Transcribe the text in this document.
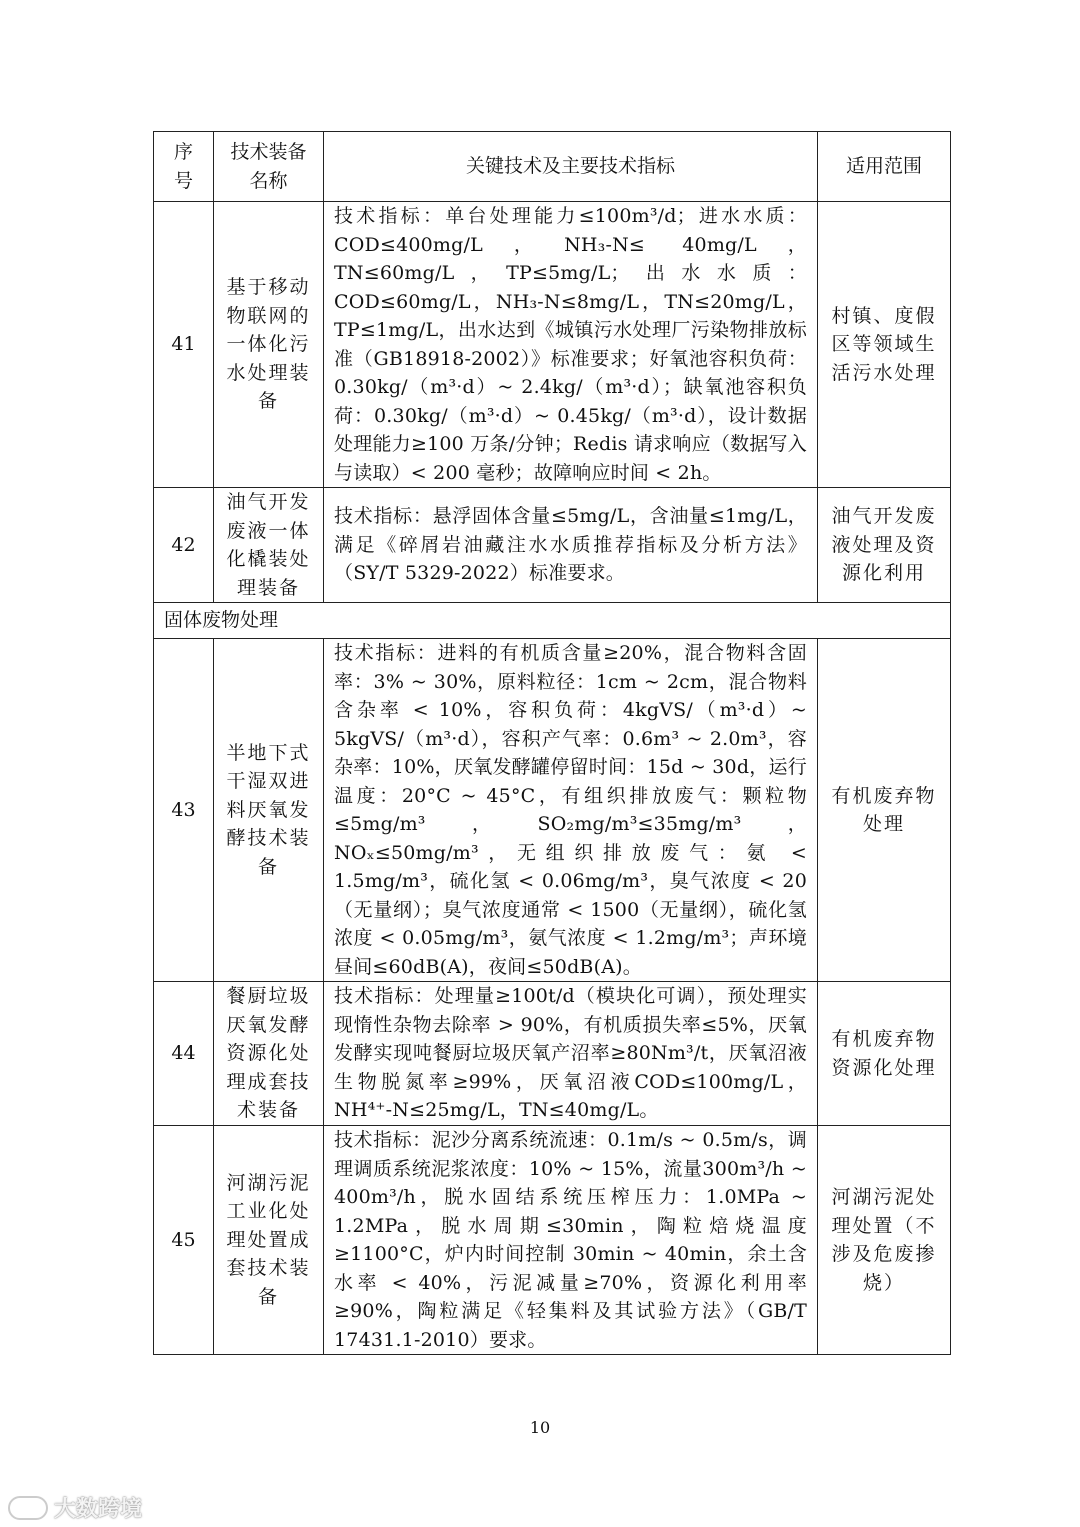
序号	技术装备名称	关键技术及主要技术指标	适用范围
41	基于移动物联网的一体化污水处理装备	技术指标：单台处理能力≤100m³/d；进水水质：COD≤400mg/L，NH₃-N≤ 40mg/L，TN≤60mg/L，TP≤5mg/L；出水水质：COD≤60mg/L，NH₃-N≤8mg/L，TN≤20mg/L，TP≤1mg/L，出水达到《城镇污水处理厂污染物排放标准（GB18918-2002）》标准要求；好氧池容积负荷：0.30kg/（m³·d）~ 2.4kg/（m³·d）；缺氧池容积负荷：0.30kg/（m³·d）~ 0.45kg/（m³·d），设计数据处理能力≥100 万条/分钟；Redis 请求响应（数据写入与读取）< 200 毫秒；故障响应时间 < 2h。	村镇、度假区等领域生活污水处理
42	油气开发废液一体化橇装处理装备	技术指标：悬浮固体含量≤5mg/L，含油量≤1mg/L，满足《碎屑岩油藏注水水质推荐指标及分析方法》（SY/T 5329-2022）标准要求。	油气开发废液处理及资源化利用
固体废物处理			
43	半地下式干湿双进料厌氧发酵技术装备	技术指标：进料的有机质含量≥20%，混合物料含固率：3% ~ 30%，原料粒径：1cm ~ 2cm，混合物料含杂率 < 10%，容积负荷：4kgVS/（m³·d）~ 5kgVS/（m³·d），容积产气率：0.6m³ ~ 2.0m³，容杂率：10%，厌氧发酵罐停留时间：15d ~ 30d，运行温度：20°C ~ 45°C，有组织排放废气：颗粒物≤5mg/m³，SO₂mg/m³≤35mg/m³，NOₓ≤50mg/m³，无组织排放废气：氨 < 1.5mg/m³，硫化氢 < 0.06mg/m³，臭气浓度 < 20（无量纲）；臭气浓度通常 < 1500（无量纲），硫化氢浓度 < 0.05mg/m³，氨气浓度 < 1.2mg/m³；声环境昼间≤60dB(A)，夜间≤50dB(A)。	有机废弃物处理
44	餐厨垃圾厌氧发酵资源化处理成套技术装备	技术指标：处理量≥100t/d（模块化可调），预处理实现惰性杂物去除率 > 90%，有机质损失率≤5%，厌氧发酵实现吨餐厨垃圾厌氧产沼率≥80Nm³/t，厌氧沼液生物脱氮率≥99%，厌氧沼液COD≤100mg/L，NH⁴⁺-N≤25mg/L，TN≤40mg/L。	有机废弃物资源化处理
45	河湖污泥工业化处理处置成套技术装备	技术指标：泥沙分离系统流速：0.1m/s ~ 0.5m/s，调理调质系统泥浆浓度：10% ~ 15%，流量300m³/h ~ 400m³/h，脱水固结系统压榨压力：1.0MPa ~ 1.2MPa，脱水周期≤30min，陶粒焙烧温度≥1100°C，炉内时间控制 30min ~ 40min，余土含水率 < 40%，污泥减量≥70%，资源化利用率≥90%，陶粒满足《轻集料及其试验方法》（GB/T 17431.1-2010）要求。	河湖污泥处理处置（不涉及危废掺烧）
10
大数跨境
